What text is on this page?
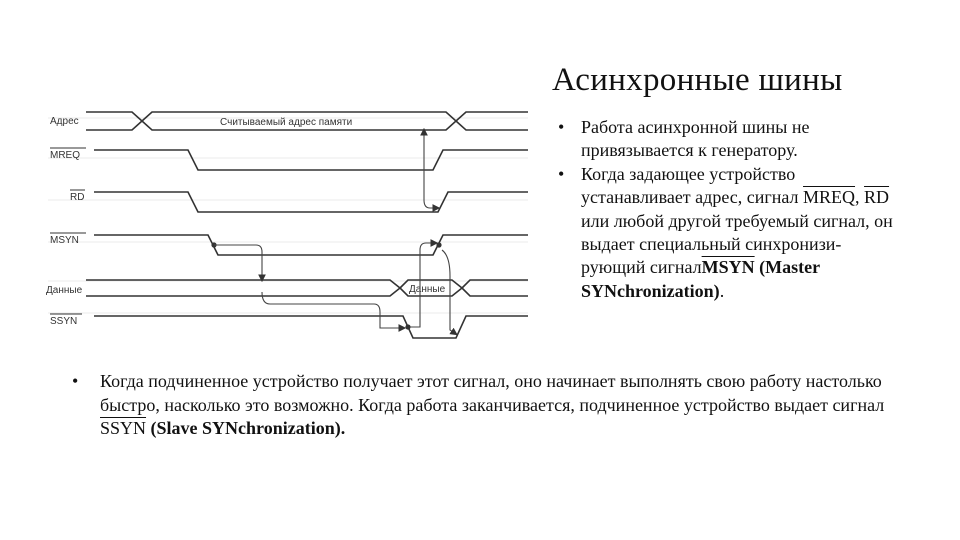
Асинхронные шины
Адрес
MREQ
RD
MSYN
Данные
SSYN
Считываемый адрес памяти
Данные
• Работа асинхронной шины не привязывается к генератору.
• Когда задающее устройство устанавливает адрес, сигнал MREQ, $\overline{RD}$ или любой другой требуемый сигнал, он выдает специальный синхронизи-рующий сигналMSYN (Master SYNchronization).
• Когда подчиненное устройство получает этот сигнал, оно начинает выполнять свою работу настолько быстро, насколько это возможно. Когда работа заканчивается, подчиненное устройство выдает сигнал SSYN (Slave SYNchronization).
